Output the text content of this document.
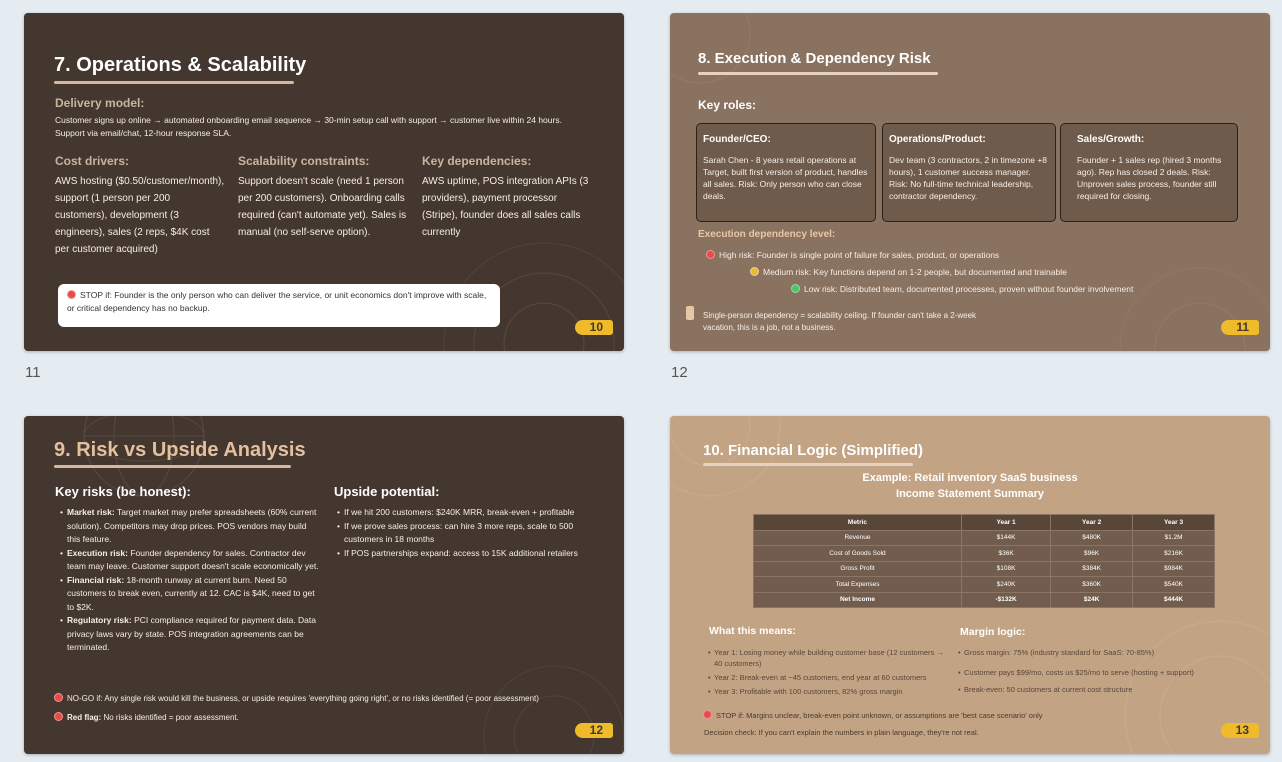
7. Operations & Scalability
Delivery model:
Customer signs up online → automated onboarding email sequence → 30-min setup call with support → customer live within 24 hours. Support via email/chat, 12-hour response SLA.
Cost drivers:
AWS hosting ($0.50/customer/month), support (1 person per 200 customers), development (3 engineers), sales (2 reps, $4K cost per customer acquired)
Scalability constraints:
Support doesn't scale (need 1 person per 200 customers). Onboarding calls required (can't automate yet). Sales is manual (no self-serve option).
Key dependencies:
AWS uptime, POS integration APIs (3 providers), payment processor (Stripe), founder does all sales calls currently
STOP if: Founder is the only person who can deliver the service, or unit economics don't improve with scale, or critical dependency has no backup.
10
11
8. Execution & Dependency Risk
Key roles:
Founder/CEO:

Sarah Chen - 8 years retail operations at Target, built first version of product, handles all sales. Risk: Only person who can close deals.

Operations/Product:

Dev team (3 contractors, 2 in timezone +8 hours), 1 customer success manager. Risk: No full-time technical leadership, contractor dependency.

Sales/Growth:

Founder + 1 sales rep (hired 3 months ago). Rep has closed 2 deals. Risk: Unproven sales process, founder still required for closing.

Execution dependency level:
High risk: Founder is single point of failure for sales, product, or operations
Medium risk: Key functions depend on 1-2 people, but documented and trainable
Low risk: Distributed team, documented processes, proven without founder involvement
Single-person dependency = scalability ceiling. If founder can't take a 2-week vacation, this is a job, not a business.	11
12
9. Risk vs Upside Analysis
Key risks (be honest):
• Market risk: Target market may prefer spreadsheets (60% current solution). Competitors may drop prices. POS vendors may build this feature.
• Execution risk: Founder dependency for sales. Contractor dev team may leave. Customer support doesn't scale economically yet.
• Financial risk: 18-month runway at current burn. Need 50 customers to break even, currently at 12. CAC is $4K, need to get to $2K.
• Regulatory risk: PCI compliance required for payment data. Data privacy laws vary by state. POS integration agreements can be terminated.
Upside potential:
• If we hit 200 customers: $240K MRR, break-even + profitable
• If we prove sales process: can hire 3 more reps, scale to 500 customers in 18 months
• If POS partnerships expand: access to 15K additional retailers
NO-GO if: Any single risk would kill the business, or upside requires 'everything going right', or no risks identified (= poor assessment)
Red flag: No risks identified = poor assessment.
12
10. Financial Logic (Simplified)
Example: Retail inventory SaaS business
Income Statement Summary
Metric	Year 1	Year 2	Year 3
Revenue	$144K	$480K	$1.2M
Cost of Goods Sold	$36K	$96K	$216K
Gross Profit	$108K	$384K	$984K
Total Expenses	$240K	$360K	$540K
Net Income	-$132K	$24K	$444K
What this means:
• Year 1: Losing money while building customer base (12 customers → 40 customers)
• Year 2: Break-even at ~45 customers, end year at 60 customers
• Year 3: Profitable with 100 customers, 82% gross margin
Margin logic:
• Gross margin: 75% (industry standard for SaaS: 70-85%)
• Customer pays $99/mo, costs us $25/mo to serve (hosting + support)
• Break-even: 50 customers at current cost structure
STOP if: Margins unclear, break-even point unknown, or assumptions are 'best case scenario' only
Decision check: If you can't explain the numbers in plain language, they're not real.	13
